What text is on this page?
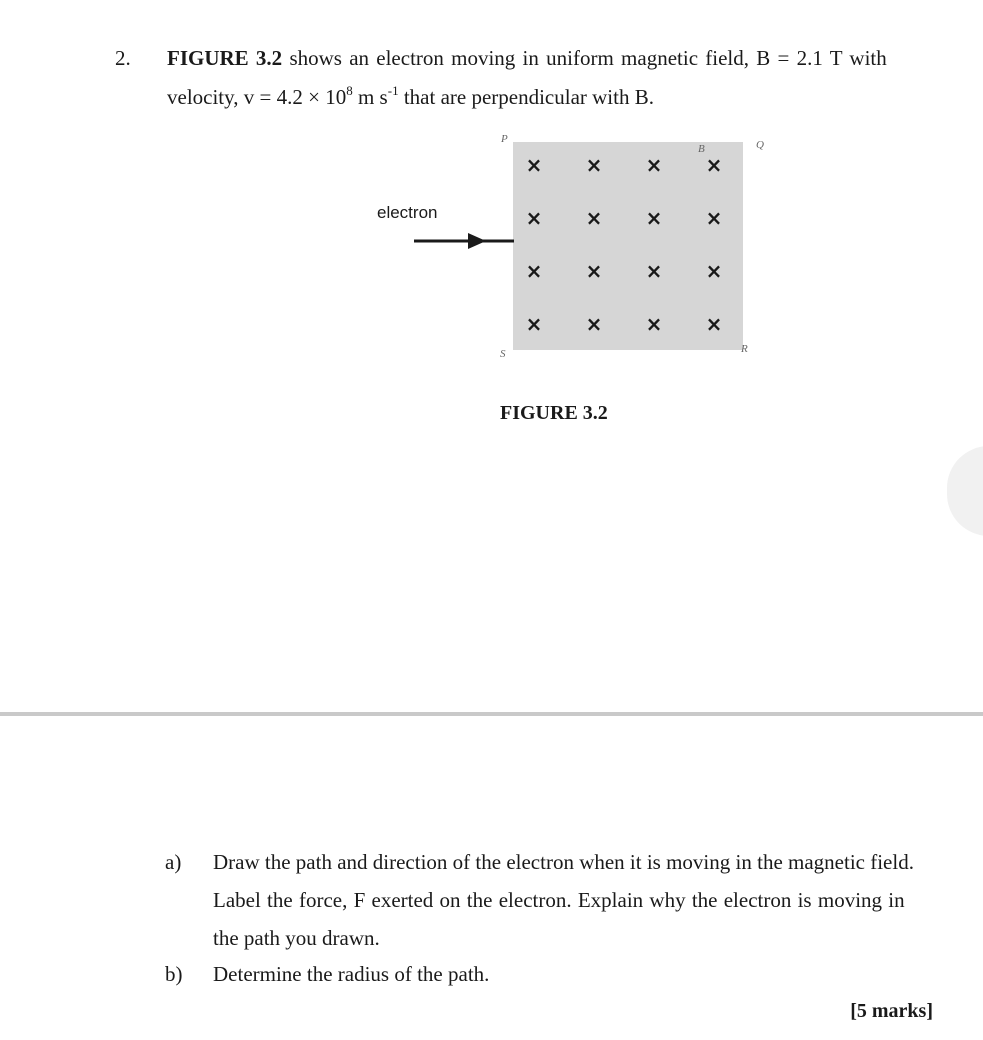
2. FIGURE 3.2 shows an electron moving in uniform magnetic field, B = 2.1 T with
velocity, $v = 4.2 \times 10^8$ m $s^{-1}$ that are perpendicular with B.
× × × ×
× × × ×
× × × ×
× × × ×
P	Q
R
S
B
electron
FIGURE 3.2
a) Draw the path and direction of the electron when it is moving in the magnetic field.
Label the force, F exerted on the electron. Explain why the electron is moving in
the path you drawn.
b) Determine the radius of the path.
[5 marks]
